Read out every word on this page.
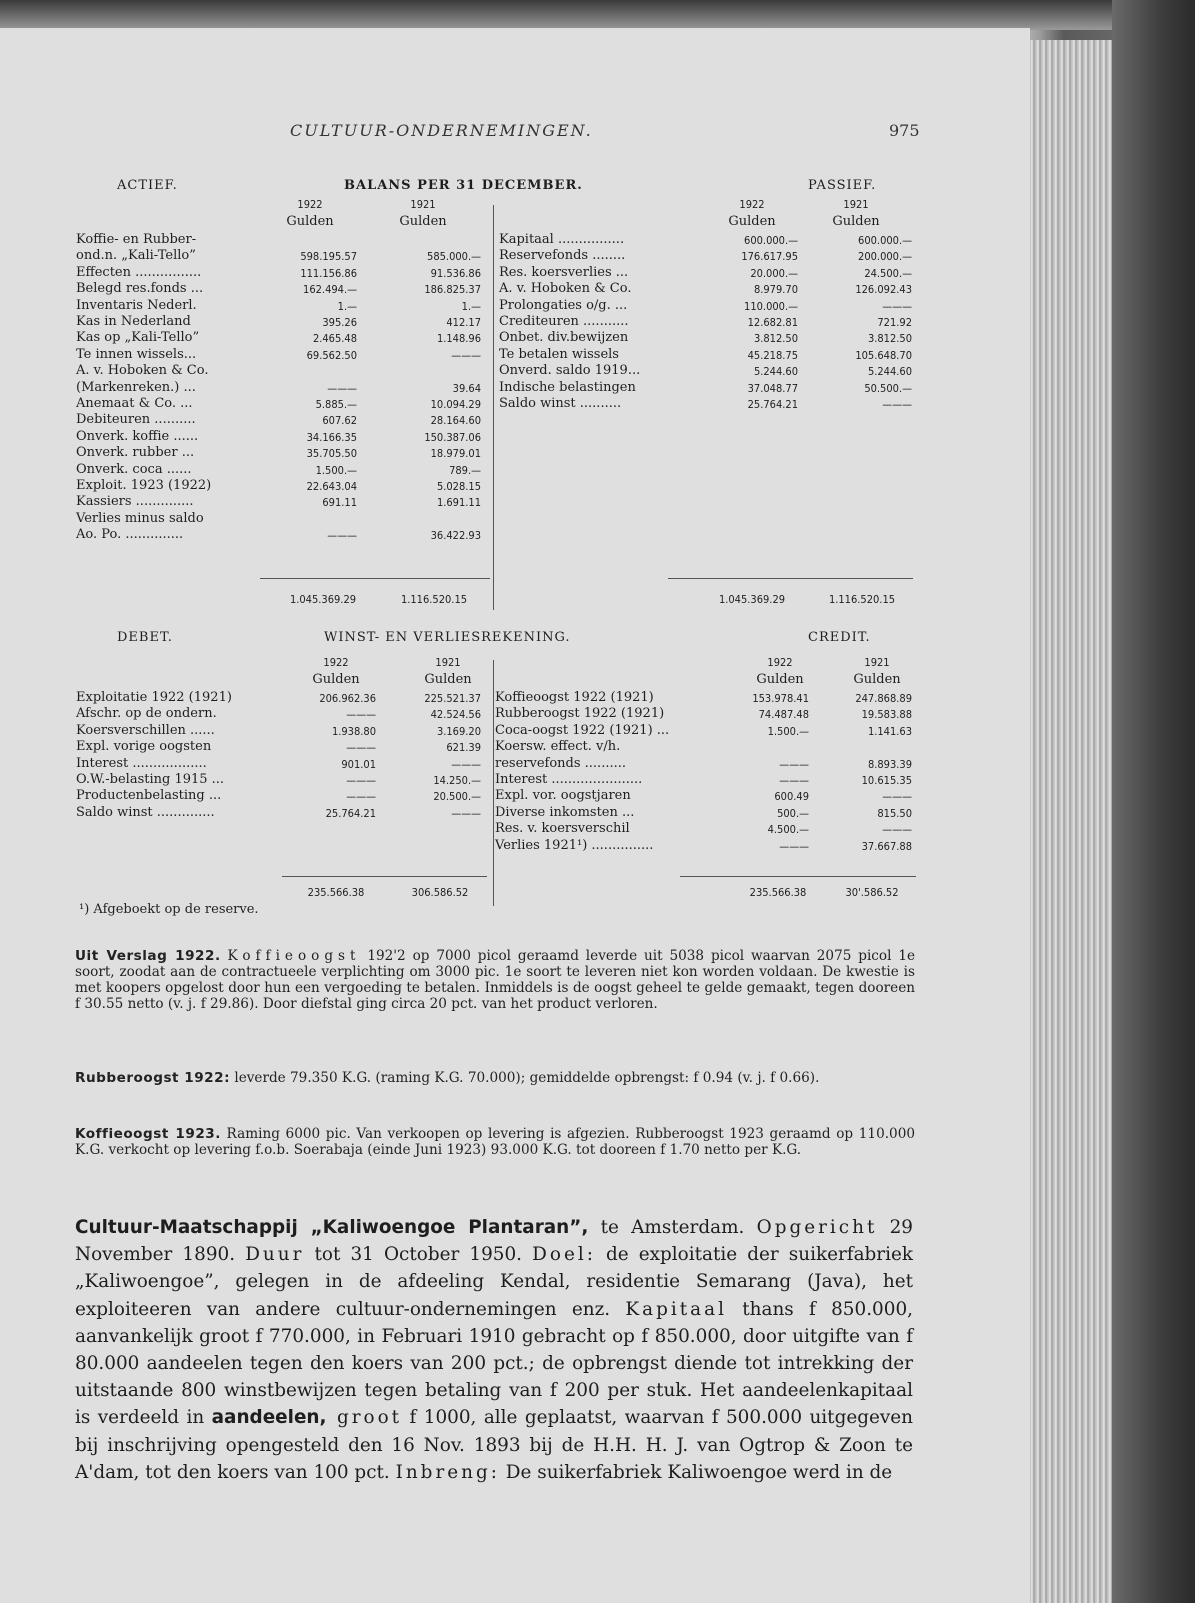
CULTUUR-ONDERNEMINGEN.	975
ACTIEF.	BALANS PER 31 DECEMBER.	PASSIEF.
1922	1921	1922	1921
Gulden	Gulden	Gulden	Gulden
Koffie- en Rubber-
ond.n. „Kali-Tello”	598.195.57	585.000.—
Effecten ................	111.156.86	91.536.86
Belegd res.fonds ...	162.494.—	186.825.37
Inventaris Nederl.	1.—	1.—
Kas in Nederland	395.26	412.17
Kas op „Kali-Tello”	2.465.48	1.148.96
Te innen wissels...	69.562.50	———
A. v. Hoboken & Co.
(Markenreken.) ...	———	39.64
Anemaat & Co. ...	5.885.—	10.094.29
Debiteuren ..........	607.62	28.164.60
Onverk. koffie ......	34.166.35	150.387.06
Onverk. rubber ...	35.705.50	18.979.01
Onverk. coca ......	1.500.—	789.—
Exploit. 1923 (1922)	22.643.04	5.028.15
Kassiers ..............	691.11	1.691.11
Verlies minus saldo
Ao. Po. ..............	———	36.422.93
Kapitaal ................	600.000.—	600.000.—
Reservefonds ........	176.617.95	200.000.—
Res. koersverlies ...	20.000.—	24.500.—
A. v. Hoboken & Co.	8.979.70	126.092.43
Prolongaties o/g. ...	110.000.—	———
Crediteuren ...........	12.682.81	721.92
Onbet. div.bewijzen	3.812.50	3.812.50
Te betalen wissels	45.218.75	105.648.70
Onverd. saldo 1919...	5.244.60	5.244.60
Indische belastingen	37.048.77	50.500.—
Saldo winst ..........	25.764.21	———
1.045.369.29	1.116.520.15	1.045.369.29	1.116.520.15
DEBET.	WINST- EN VERLIESREKENING.	CREDIT.
1922	1921	1922	1921
Gulden	Gulden	Gulden	Gulden
Exploitatie 1922 (1921)	206.962.36	225.521.37
Afschr. op de ondern.	———	42.524.56
Koersverschillen ......	1.938.80	3.169.20
Expl. vorige oogsten	———	621.39
Interest ..................	901.01	———
O.W.-belasting 1915 ...	———	14.250.—
Productenbelasting ...	———	20.500.—
Saldo winst ..............	25.764.21	———
Koffieoogst 1922 (1921)	153.978.41	247.868.89
Rubberoogst 1922 (1921)	74.487.48	19.583.88
Coca-oogst 1922 (1921) ...	1.500.—	1.141.63
Koersw. effect. v/h.
reservefonds ..........	———	8.893.39
Interest ......................	———	10.615.35
Expl. vor. oogstjaren	600.49	———
Diverse inkomsten ...	500.—	815.50
Res. v. koersverschil	4.500.—	———
Verlies 1921¹) ...............	———	37.667.88
235.566.38	306.586.52	235.566.38	30'.586.52
¹) Afgeboekt op de reserve.
Uit Verslag 1922. Koffieoogst 192'2 op 7000 picol geraamd leverde uit 5038 picol waarvan 2075 picol 1e soort, zoodat aan de contractueele verplichting om 3000 pic. 1e soort te leveren niet kon worden voldaan. De kwestie is met koopers opgelost door hun een vergoeding te betalen. Inmiddels is de oogst geheel te gelde gemaakt, tegen dooreen f 30.55 netto (v. j. f 29.86). Door diefstal ging circa 20 pct. van het product verloren.
Rubberoogst 1922: leverde 79.350 K.G. (raming K.G. 70.000); gemiddelde opbrengst: f 0.94 (v. j. f 0.66).
Koffieoogst 1923. Raming 6000 pic. Van verkoopen op levering is afgezien. Rubberoogst 1923 geraamd op 110.000 K.G. verkocht op levering f.o.b. Soerabaja (einde Juni 1923) 93.000 K.G. tot dooreen f 1.70 netto per K.G.
Cultuur-Maatschappij „Kaliwoengoe Plantaran”, te Amsterdam. Opgericht 29 November 1890. Duur tot 31 October 1950. Doel: de exploitatie der suikerfabriek „Kaliwoengoe”, gelegen in de afdeeling Kendal, residentie Semarang (Java), het exploiteeren van andere cultuur-ondernemingen enz. Kapitaal thans f 850.000, aanvankelijk groot f 770.000, in Februari 1910 gebracht op f 850.000, door uitgifte van f 80.000 aandeelen tegen den koers van 200 pct.; de opbrengst diende tot intrekking der uitstaande 800 winstbewijzen tegen betaling van f 200 per stuk. Het aandeelenkapitaal is verdeeld in aandeelen, groot f 1000, alle geplaatst, waarvan f 500.000 uitgegeven bij inschrijving opengesteld den 16 Nov. 1893 bij de H.H. H. J. van Ogtrop & Zoon te A'dam, tot den koers van 100 pct. Inbreng: De suikerfabriek Kaliwoengoe werd in de
